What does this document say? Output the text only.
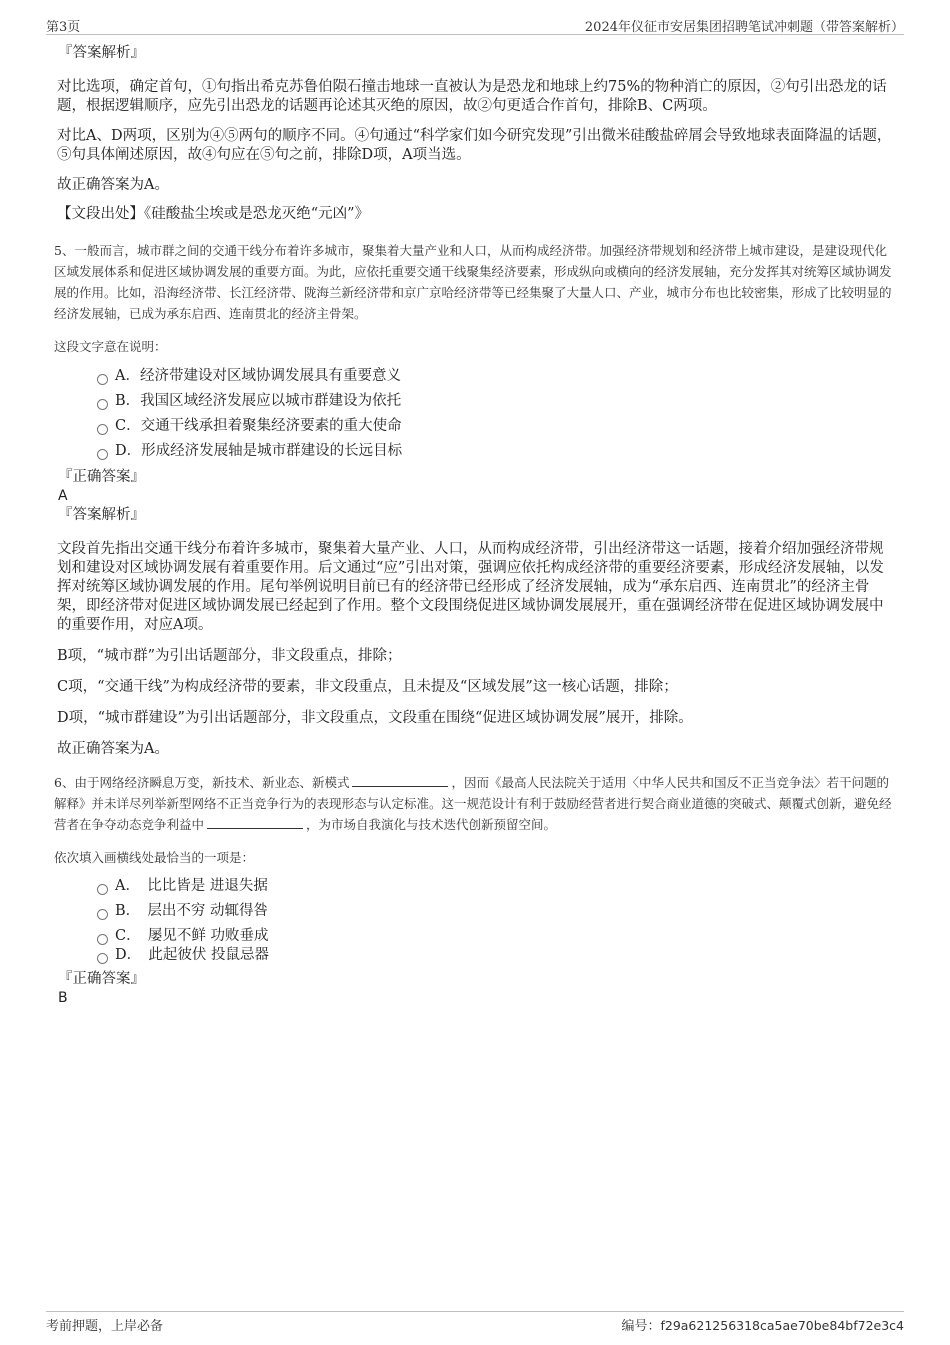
第3页	2024年仪征市安居集团招聘笔试冲刺题（带答案解析）
『答案解析』

对比选项，确定首句，①句指出希克苏鲁伯陨石撞击地球一直被认为是恐龙和地球上约75%的物种消亡的原因，②句引出恐龙的话题，根据逻辑顺序，应先引出恐龙的话题再论述其灭绝的原因，故②句更适合作首句，排除B、C两项。

对比A、D两项，区别为④⑤两句的顺序不同。④句通过“科学家们如今研究发现”引出微米硅酸盐碎屑会导致地球表面降温的话题，⑤句具体阐述原因，故④句应在⑤句之前，排除D项，A项当选。

故正确答案为A。

【文段出处】《硅酸盐尘埃或是恐龙灭绝“元凶”》

5、一般而言，城市群之间的交通干线分布着许多城市，聚集着大量产业和人口，从而构成经济带。加强经济带规划和经济带上城市建设，是建设现代化区域发展体系和促进区域协调发展的重要方面。为此，应依托重要交通干线聚集经济要素，形成纵向或横向的经济发展轴，充分发挥其对统筹区域协调发展的作用。比如，沿海经济带、长江经济带、陇海兰新经济带和京广京哈经济带等已经集聚了大量人口、产业，城市分布也比较密集，形成了比较明显的经济发展轴，已成为承东启西、连南贯北的经济主骨架。

这段文字意在说明：

A．经济带建设对区域协调发展具有重要意义
B．我国区域经济发展应以城市群建设为依托
C．交通干线承担着聚集经济要素的重大使命
D．形成经济发展轴是城市群建设的长远目标
『正确答案』
A
『答案解析』

文段首先指出交通干线分布着许多城市，聚集着大量产业、人口，从而构成经济带，引出经济带这一话题，接着介绍加强经济带规划和建设对区域协调发展有着重要作用。后文通过“应”引出对策，强调应依托构成经济带的重要经济要素，形成经济发展轴，以发挥对统筹区域协调发展的作用。尾句举例说明目前已有的经济带已经形成了经济发展轴，成为“承东启西、连南贯北”的经济主骨架，即经济带对促进区域协调发展已经起到了作用。整个文段围绕促进区域协调发展展开，重在强调经济带在促进区域协调发展中的重要作用，对应A项。

B项，“城市群”为引出话题部分，非文段重点，排除；

C项，“交通干线”为构成经济带的要素，非文段重点，且未提及“区域发展”这一核心话题，排除；

D项，“城市群建设”为引出话题部分，非文段重点，文段重在围绕“促进区域协调发展”展开，排除。

故正确答案为A。

6、由于网络经济瞬息万变，新技术、新业态、新模式	，因而《最高人民法院关于适用〈中华人民共和国反不正当竞争法〉若干问题的解释》并未详尽列举新型网络不正当竞争行为的表现形态与认定标准。这一规范设计有利于鼓励经营者进行契合商业道德的突破式、颠覆式创新，避免经营者在争夺动态竞争利益中	，为市场自我演化与技术迭代创新预留空间。

依次填入画横线处最恰当的一项是：

A．　比比皆是 进退失据
B．　层出不穷 动辄得咎
C．　屡见不鲜 功败垂成
D．　此起彼伏 投鼠忌器
『正确答案』
B
考前押题，上岸必备	编号：f29a621256318ca5ae70be84bf72e3c4
